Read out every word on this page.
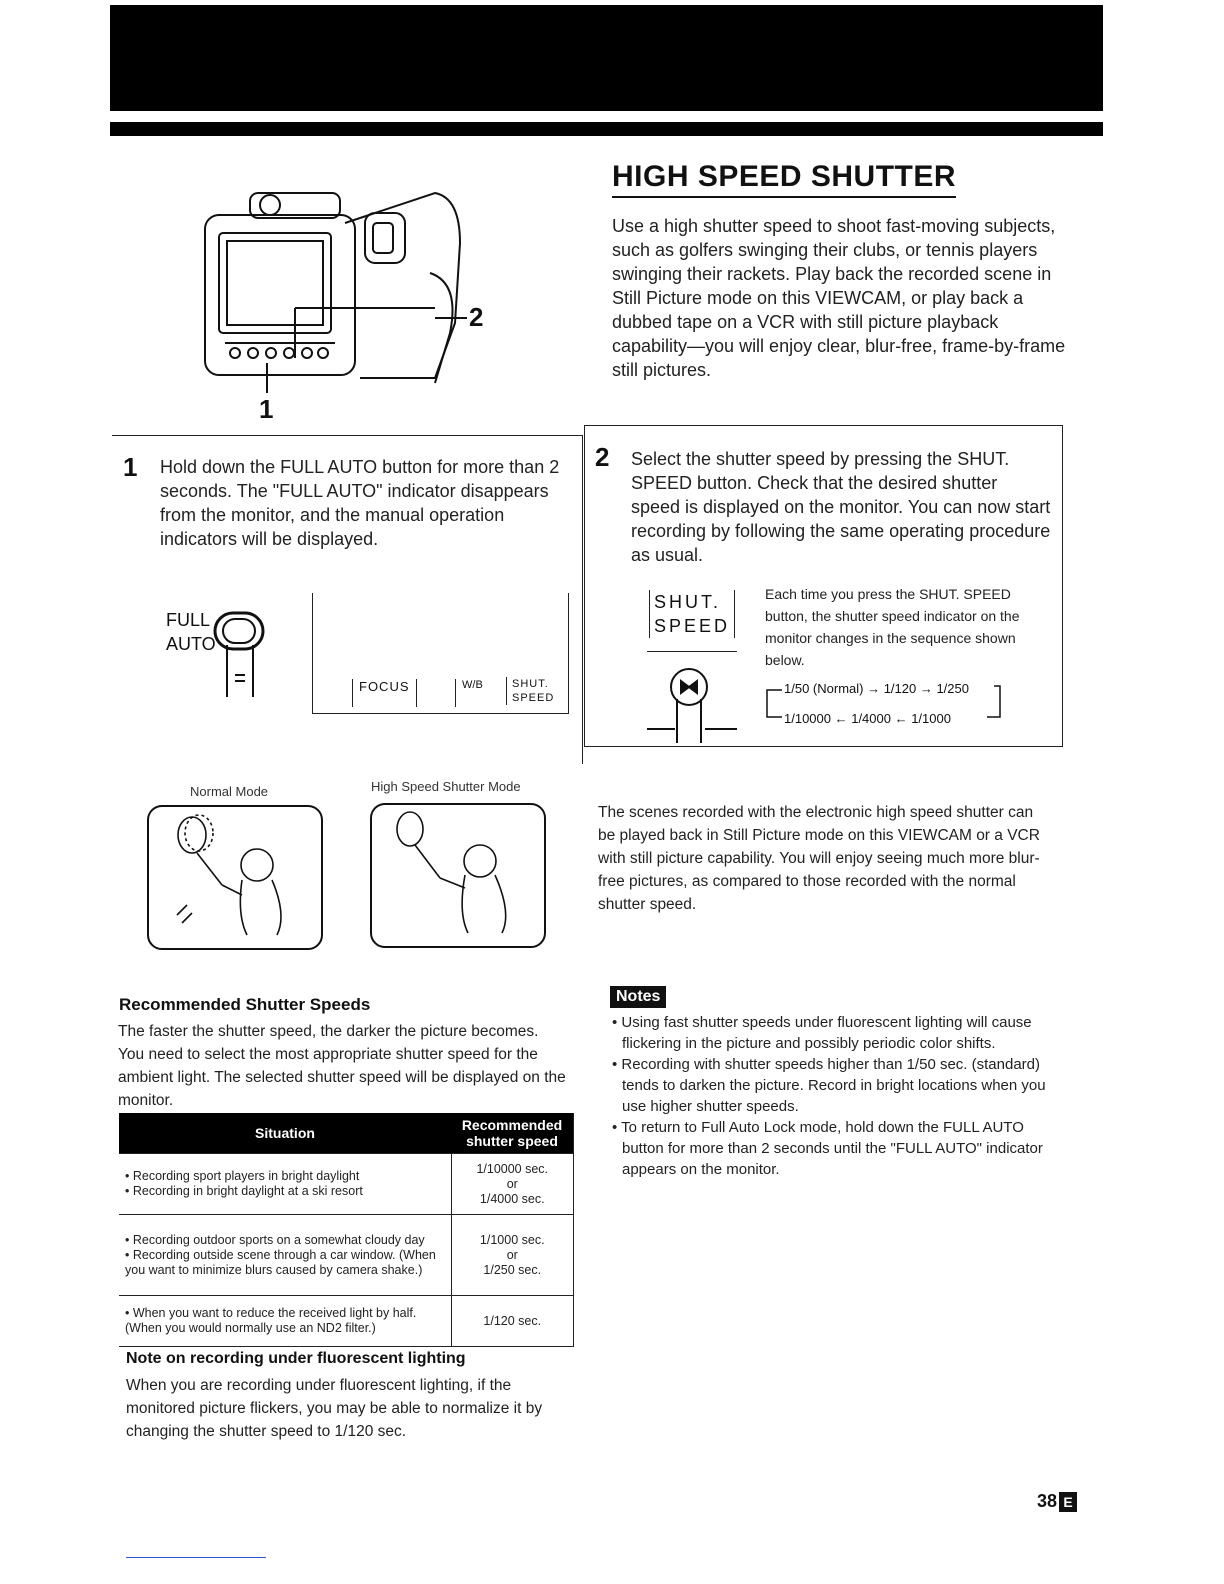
2
1
HIGH SPEED SHUTTER
Use a high shutter speed to shoot fast-moving subjects, such as golfers swinging their clubs, or tennis players swinging their rackets. Play back the recorded scene in Still Picture mode on this VIEWCAM, or play back a dubbed tape on a VCR with still picture playback capability—you will enjoy clear, blur-free, frame-by-frame still pictures.
1 Hold down the FULL AUTO button for more than 2 seconds. The "FULL AUTO" indicator disappears from the monitor, and the manual operation indicators will be displayed.
FULL
AUTO
FOCUS	W/B	SHUT.
SPEED
2 Select the shutter speed by pressing the SHUT. SPEED button. Check that the desired shutter speed is displayed on the monitor. You can now start recording by following the same operating procedure as usual.
SHUT.
SPEED
Each time you press the SHUT. SPEED button, the shutter speed indicator on the monitor changes in the sequence shown below.
1/50 (Normal) → 1/120 → 1/250
1/10000 ← 1/4000 ← 1/1000
Normal Mode	High Speed Shutter Mode
The scenes recorded with the electronic high speed shutter can be played back in Still Picture mode on this VIEWCAM or a VCR with still picture capability. You will enjoy seeing much more blur-free pictures, as compared to those recorded with the normal shutter speed.
Recommended Shutter Speeds
The faster the shutter speed, the darker the picture becomes. You need to select the most appropriate shutter speed for the ambient light. The selected shutter speed will be displayed on the monitor.
Situation	Recommended shutter speed
• Recording sport players in bright daylight
• Recording in bright daylight at a ski resort	1/10000 sec.
or
1/4000 sec.
• Recording outdoor sports on a somewhat cloudy day
• Recording outside scene through a car window. (When you want to minimize blurs caused by camera shake.)	1/1000 sec.
or
1/250 sec.
• When you want to reduce the received light by half. (When you would normally use an ND2 filter.)	1/120 sec.
Note on recording under fluorescent lighting
When you are recording under fluorescent lighting, if the monitored picture flickers, you may be able to normalize it by changing the shutter speed to 1/120 sec.
Notes
• Using fast shutter speeds under fluorescent lighting will cause flickering in the picture and possibly periodic color shifts.
• Recording with shutter speeds higher than 1/50 sec. (standard) tends to darken the picture. Record in bright locations when you use higher shutter speeds.
• To return to Full Auto Lock mode, hold down the FULL AUTO button for more than 2 seconds until the "FULL AUTO" indicator appears on the monitor.
38 E
